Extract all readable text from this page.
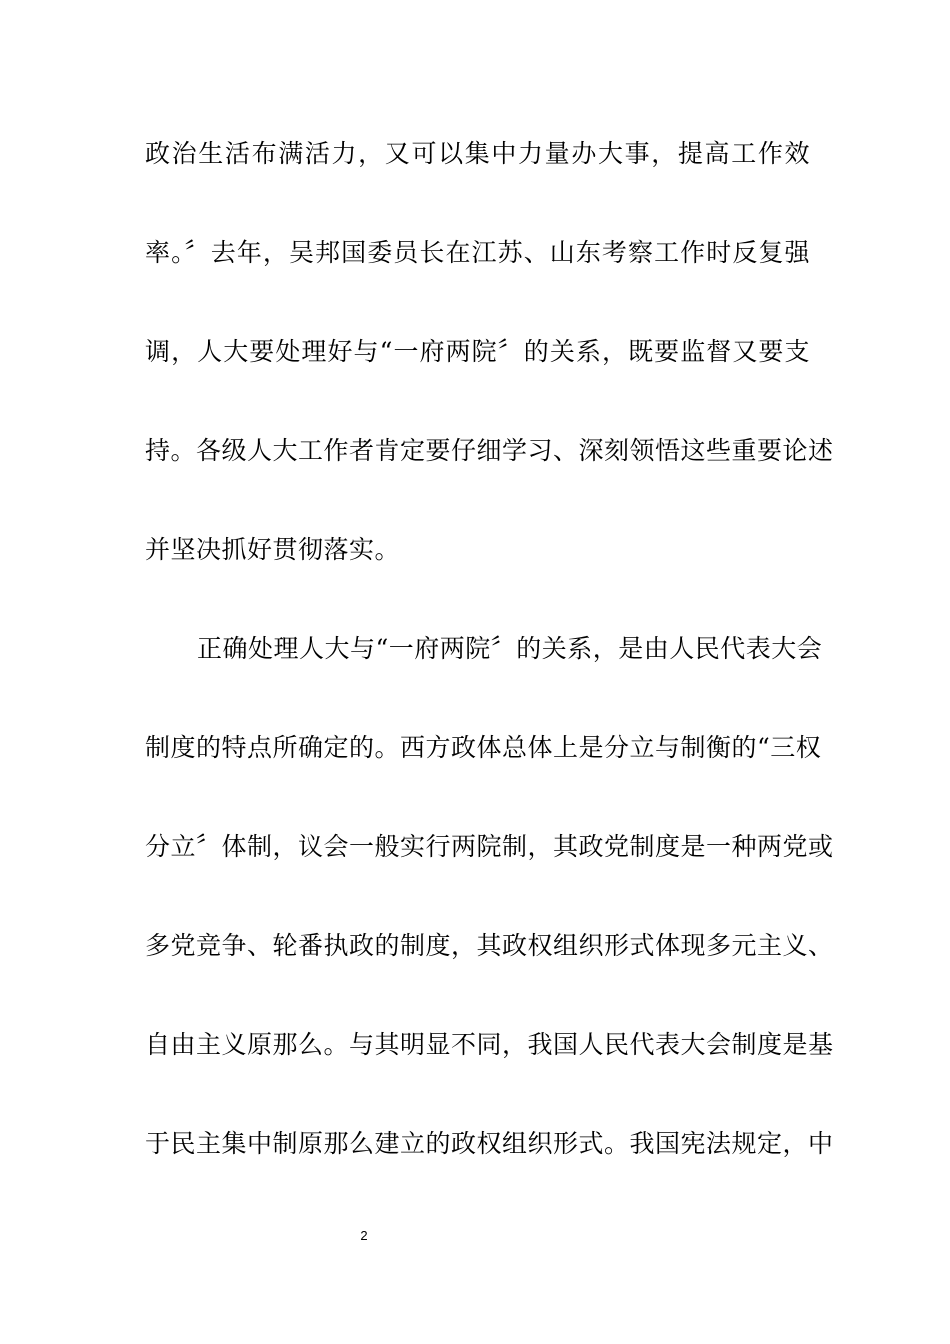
政治生活布满活力，又可以集中力量办大事，提高工作效
率。〞去年，吴邦国委员长在江苏、山东考察工作时反复强
调，人大要处理好与“一府两院〞的关系，既要监督又要支
持。各级人大工作者肯定要仔细学习、深刻领悟这些重要论述
并坚决抓好贯彻落实。
正确处理人大与“一府两院〞的关系，是由人民代表大会
制度的特点所确定的。西方政体总体上是分立与制衡的“三权
分立〞体制，议会一般实行两院制，其政党制度是一种两党或
多党竞争、轮番执政的制度，其政权组织形式体现多元主义、
自由主义原那么。与其明显不同，我国人民代表大会制度是基
于民主集中制原那么建立的政权组织形式。我国宪法规定，中
2
